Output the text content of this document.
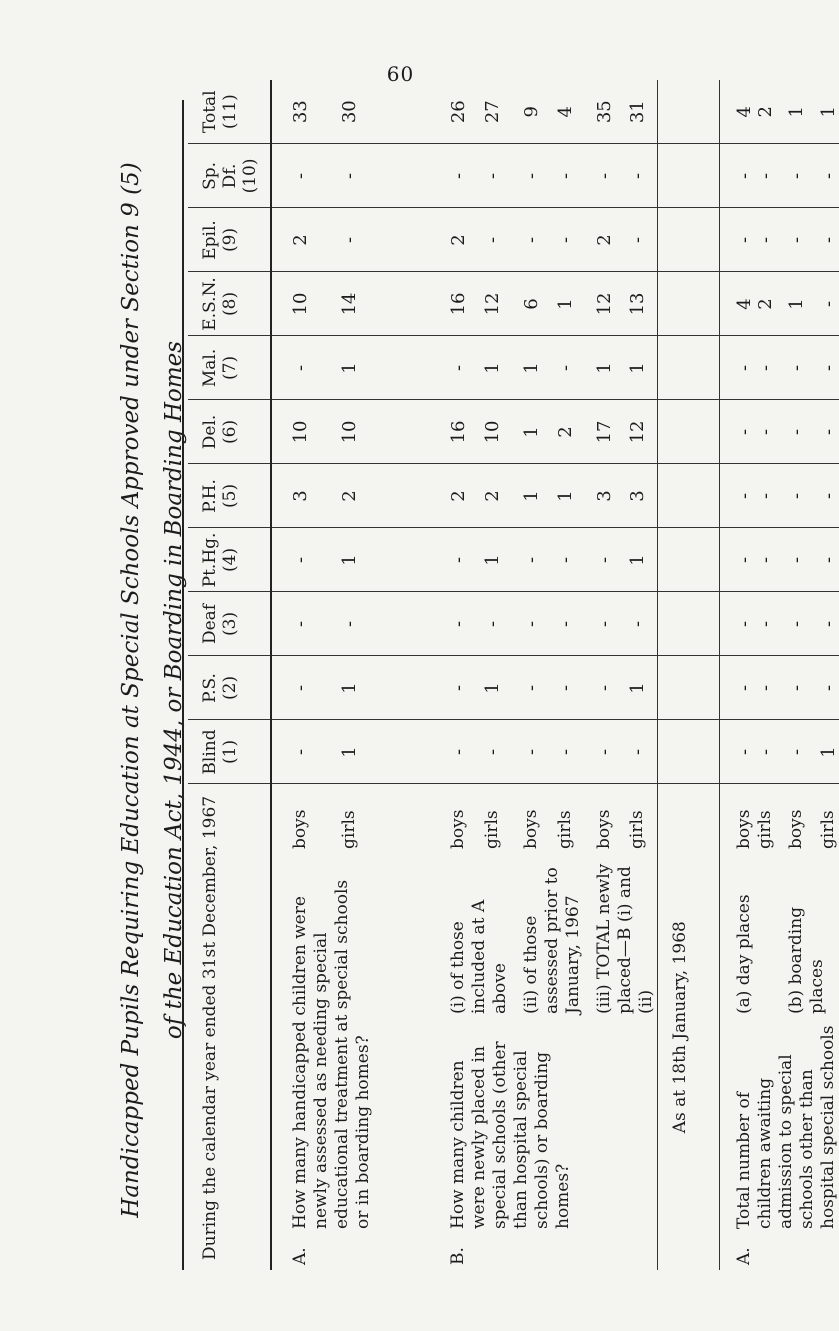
60
Handicapped Pupils Requiring Education at Special Schools Approved under Section 9 (5) of the Education Act, 1944, or Boarding in Boarding Homes During the calendar year ended 31st December, 1967				Blind (1)	P.S. (2)	Deaf (3)	Pt.Hg. (4)	P.H. (5)	Del. (6)	Mal. (7)	E.S.N. (8)	Epil. (9)	Sp. Df. (10)	Total (11)
A.	How many handicapped children were newly assessed as needing special educational treatment at special schools or in boarding homes?		boys	-	-	-	-	3	10	-	10	2	-	33
			girls	1	1	-	1	2	10	1	14	-	-	30

B.	How many children were newly placed in special schools (other than hospital special schools) or boarding homes?	(i) of those included at A above	boys	-	-	-	-	2	16	-	16	2	-	26
			girls	-	1	-	1	2	10	1	12	-	-	27
		(ii) of those assessed prior to January, 1967	boys	-	-	-	-	1	1	1	6	-	-	9
			girls	-	-	-	-	1	2	-	1	-	-	4
		(iii) TOTAL newly placed—B (i) and (ii)	boys	-	-	-	-	3	17	1	12	2	-	35
			girls	-	1	-	1	3	12	1	13	-	-	31
As at 18th January, 1968														
A.	Total number of children awaiting admission to special schools other than hospital special schools	(a) day places	boys	-	-	-	-	-	-	-	4	-	-	4
			girls	-	-	-	-	-	-	-	2	-	-	2
		(b) boarding places	boys	-	-	-	-	-	-	-	1	-	-	1
			girls	1	-	-	-	-	-	-	-	-	-	1
